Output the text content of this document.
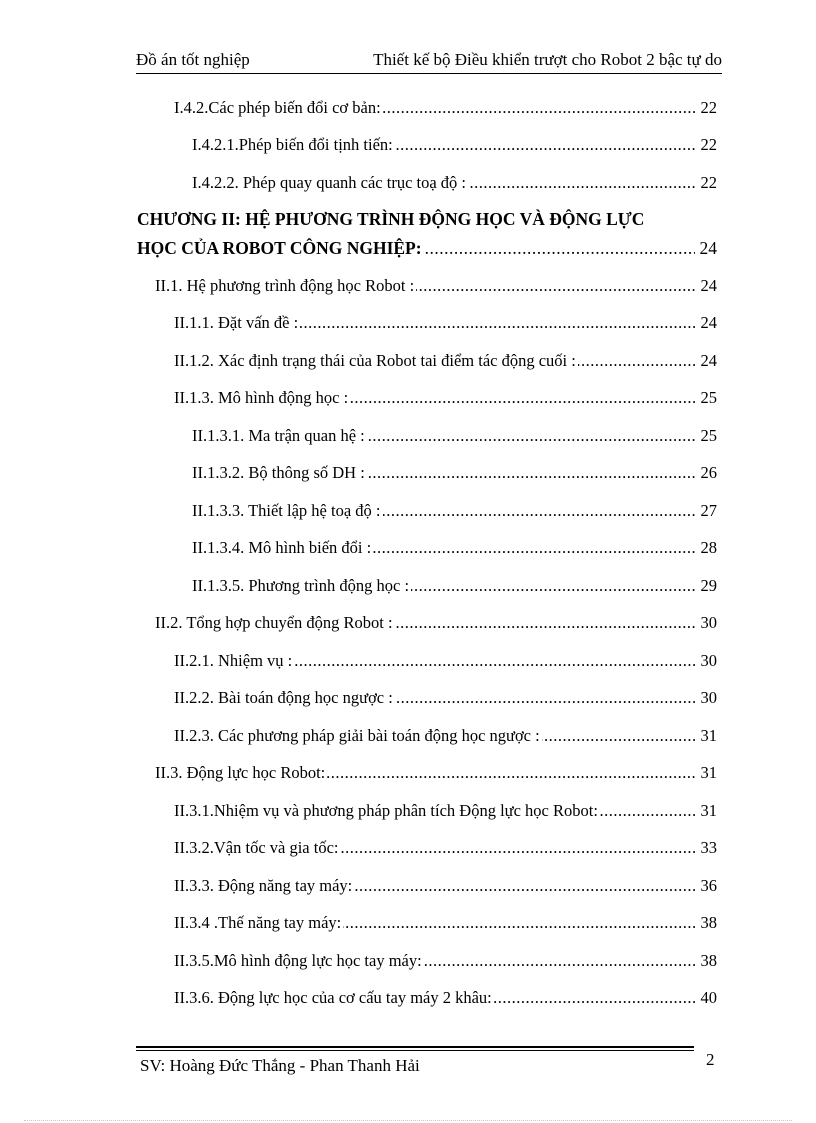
Đồ án tốt nghiệp	Thiết kế bộ Điều khiển trượt cho Robot 2 bậc tự do
.....
I.4.2.Các phép biến đổi cơ bản:	22
.....
I.4.2.1.Phép biến đổi tịnh tiến:	22
.....
I.4.2.2. Phép quay quanh các trục toạ độ :	22
CHƯƠNG II: HỆ PHƯƠNG TRÌNH ĐỘNG HỌC VÀ ĐỘNG LỰC
.....
HỌC CỦA ROBOT CÔNG NGHIỆP:	24
.....
II.1. Hệ phương trình động học Robot :	24
.....
II.1.1. Đặt vấn đề :	24
.....
II.1.2. Xác định trạng thái của Robot tai điểm tác động cuối :	24
.....
II.1.3. Mô hình động học :	25
.....
II.1.3.1. Ma trận quan hệ :	25
.....
II.1.3.2. Bộ thông số DH :	26
.....
II.1.3.3. Thiết lập hệ toạ độ :	27
.....
II.1.3.4. Mô hình biến đổi :	28
.....
II.1.3.5. Phương trình động học :	29
.....
II.2. Tổng hợp chuyển động Robot :	30
.....
II.2.1. Nhiệm vụ :	30
.....
II.2.2. Bài toán động học ngược :	30
.....
II.2.3. Các phương pháp giải bài toán động học ngược :	31
.....
II.3. Động lực học Robot:	31
.....
II.3.1.Nhiệm vụ và phương pháp phân tích Động lực học Robot:	31
.....
II.3.2.Vận tốc và gia tốc:	33
.....
II.3.3. Động năng tay máy:	36
.....
II.3.4 .Thế năng tay máy:	38
.....
II.3.5.Mô hình động lực học tay máy:	38
.....
II.3.6. Động lực học của cơ cấu tay máy 2 khâu:	40
SV: Hoàng Đức Thắng - Phan Thanh Hải	2
